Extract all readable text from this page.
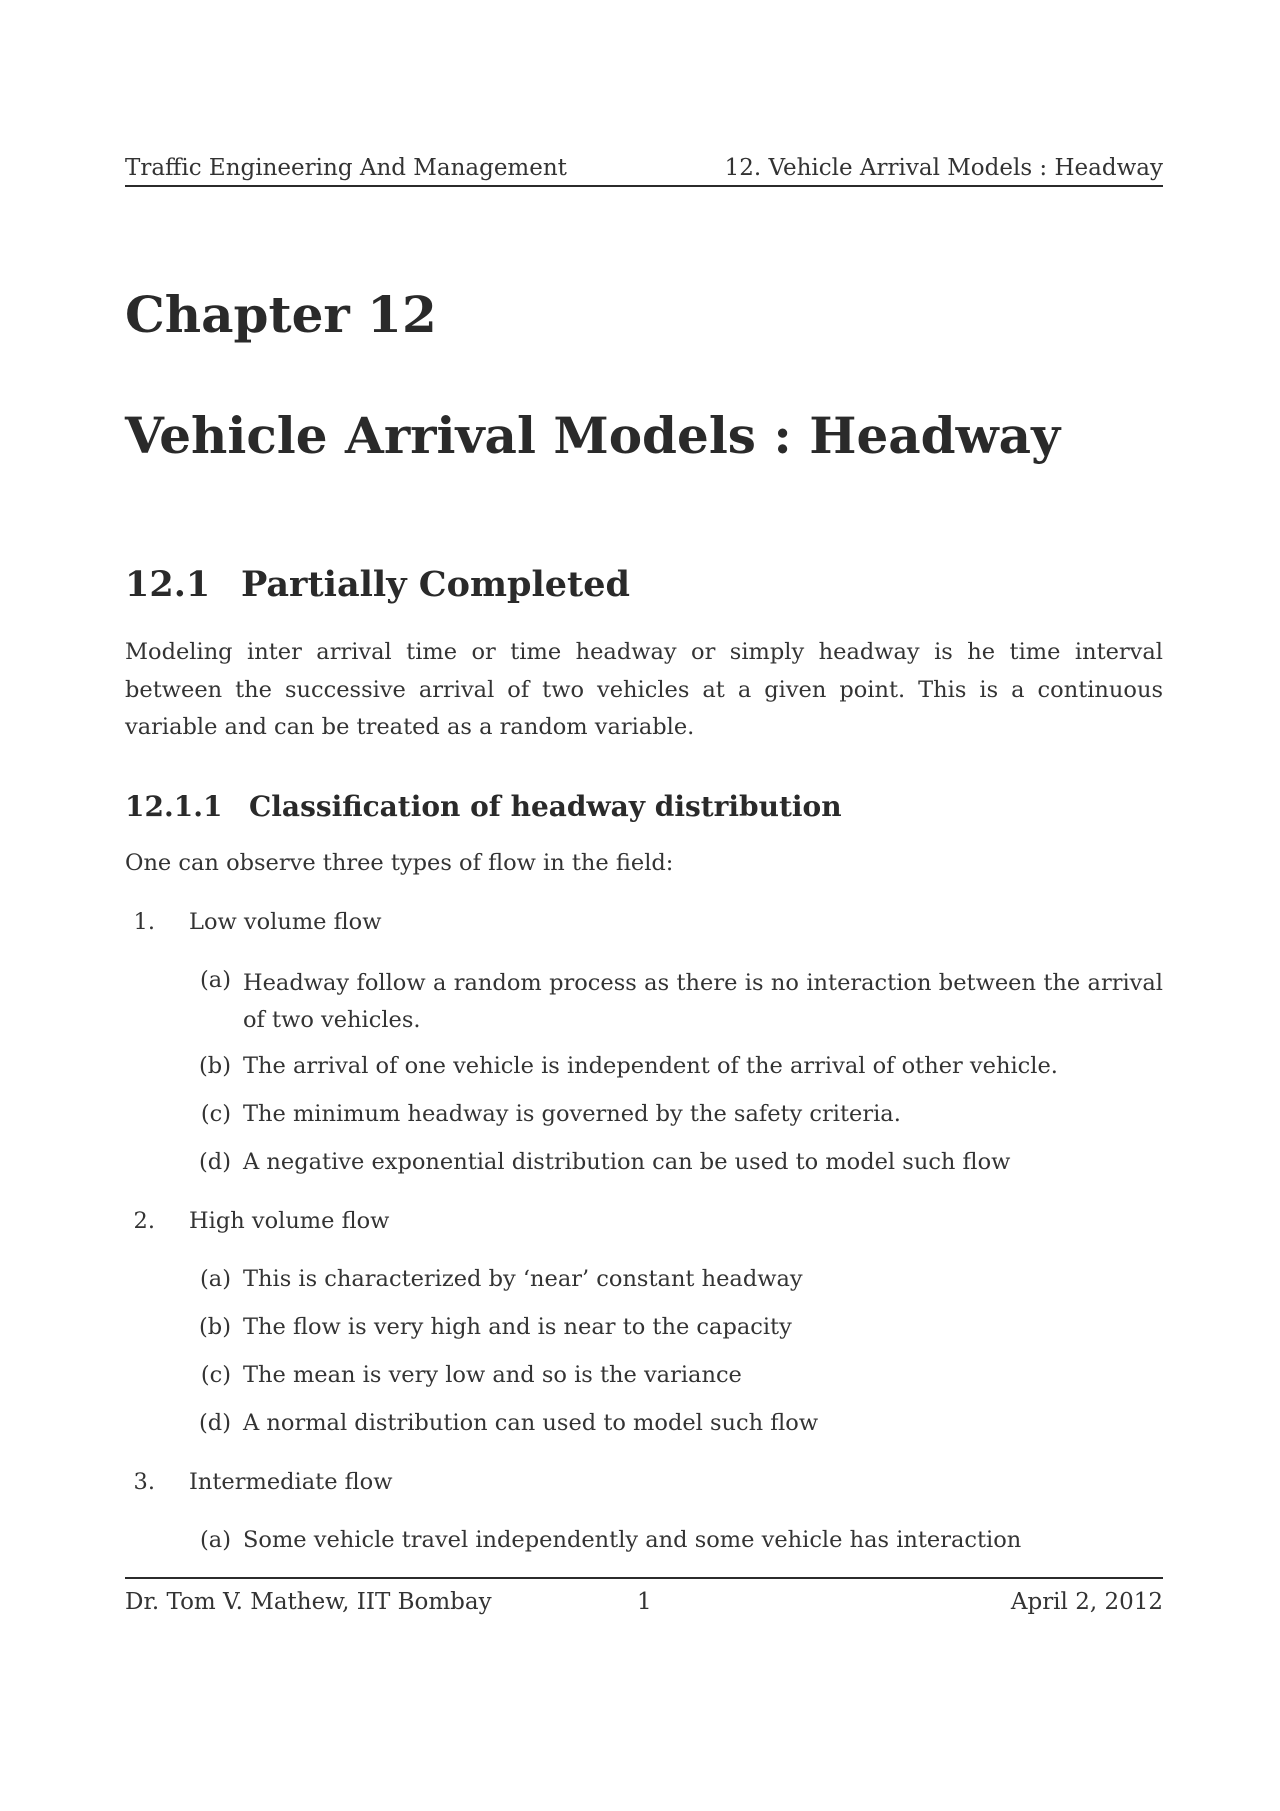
Traffic Engineering And Management	12. Vehicle Arrival Models : Headway
Chapter 12
Vehicle Arrival Models : Headway
12.1 Partially Completed
Modeling inter arrival time or time headway or simply headway is he time interval between the successive arrival of two vehicles at a given point. This is a continuous variable and can be treated as a random variable.
12.1.1 Classification of headway distribution
One can observe three types of flow in the field:
1. Low volume flow
(a) Headway follow a random process as there is no interaction between the arrival of two vehicles.
(b) The arrival of one vehicle is independent of the arrival of other vehicle.
(c) The minimum headway is governed by the safety criteria.
(d) A negative exponential distribution can be used to model such flow
2. High volume flow
(a) This is characterized by ‘near’ constant headway
(b) The flow is very high and is near to the capacity
(c) The mean is very low and so is the variance
(d) A normal distribution can used to model such flow
3. Intermediate flow
(a) Some vehicle travel independently and some vehicle has interaction
Dr. Tom V. Mathew, IIT Bombay	1	April 2, 2012
